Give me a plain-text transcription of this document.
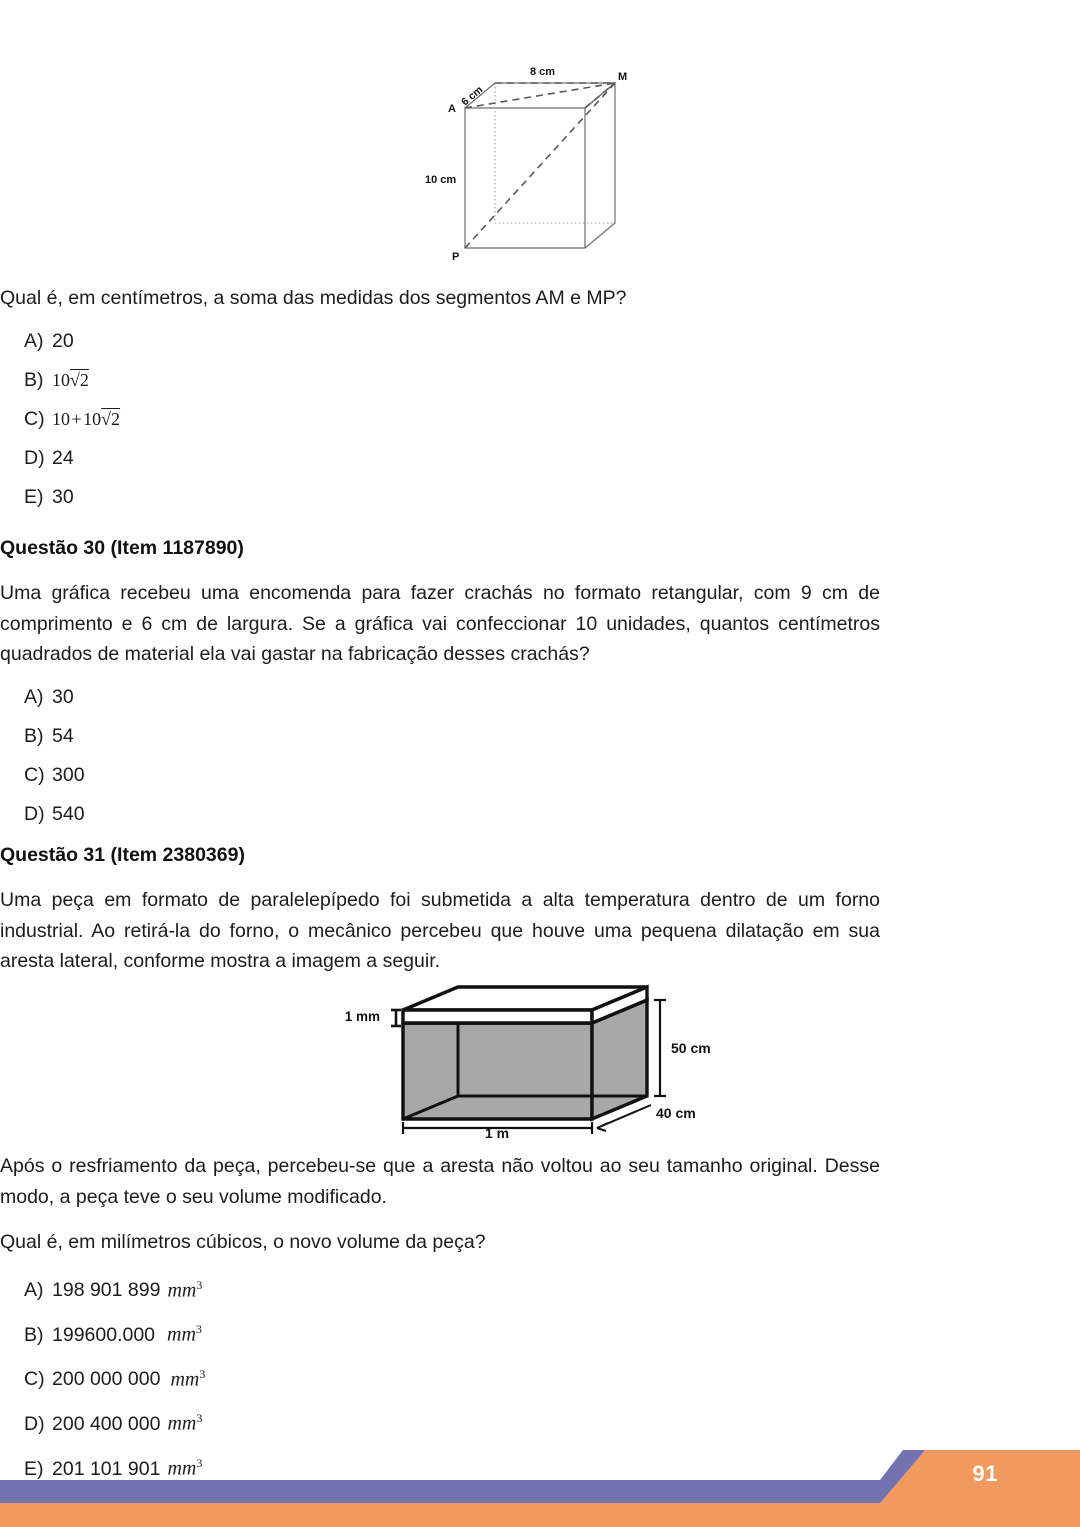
M
A
P
8 cm
6 cm
10 cm

Qual é, em centímetros, a soma das medidas dos segmentos AM e MP?

A) 20
B) 10√2
C) 10 + 10√2
D) 24
E) 30
Questão 30 (Item 1187890)

Uma gráfica recebeu uma encomenda para fazer crachás no formato retangular, com 9 cm de comprimento e 6 cm de largura. Se a gráfica vai confeccionar 10 unidades, quantos centímetros quadrados de material ela vai gastar na fabricação desses crachás?

A) 30
B) 54
C) 300
D) 540
Questão 31 (Item 2380369)

Uma peça em formato de paralelepípedo foi submetida a alta temperatura dentro de um forno industrial. Ao retirá-la do forno, o mecânico percebeu que houve uma pequena dilatação em sua aresta lateral, conforme mostra a imagem a seguir.

1 mm
50 cm
40 cm
1 m

Após o resfriamento da peça, percebeu-se que a aresta não voltou ao seu tamanho original. Desse modo, a peça teve o seu volume modificado.

Qual é, em milímetros cúbicos, o novo volume da peça?

A) 198 901 899 $mm^3$
B) 199600.000 $mm^3$
C) 200 000 000 $mm^3$
D) 200 400 000 $mm^3$
E) 201 101 901 $mm^3$	91
